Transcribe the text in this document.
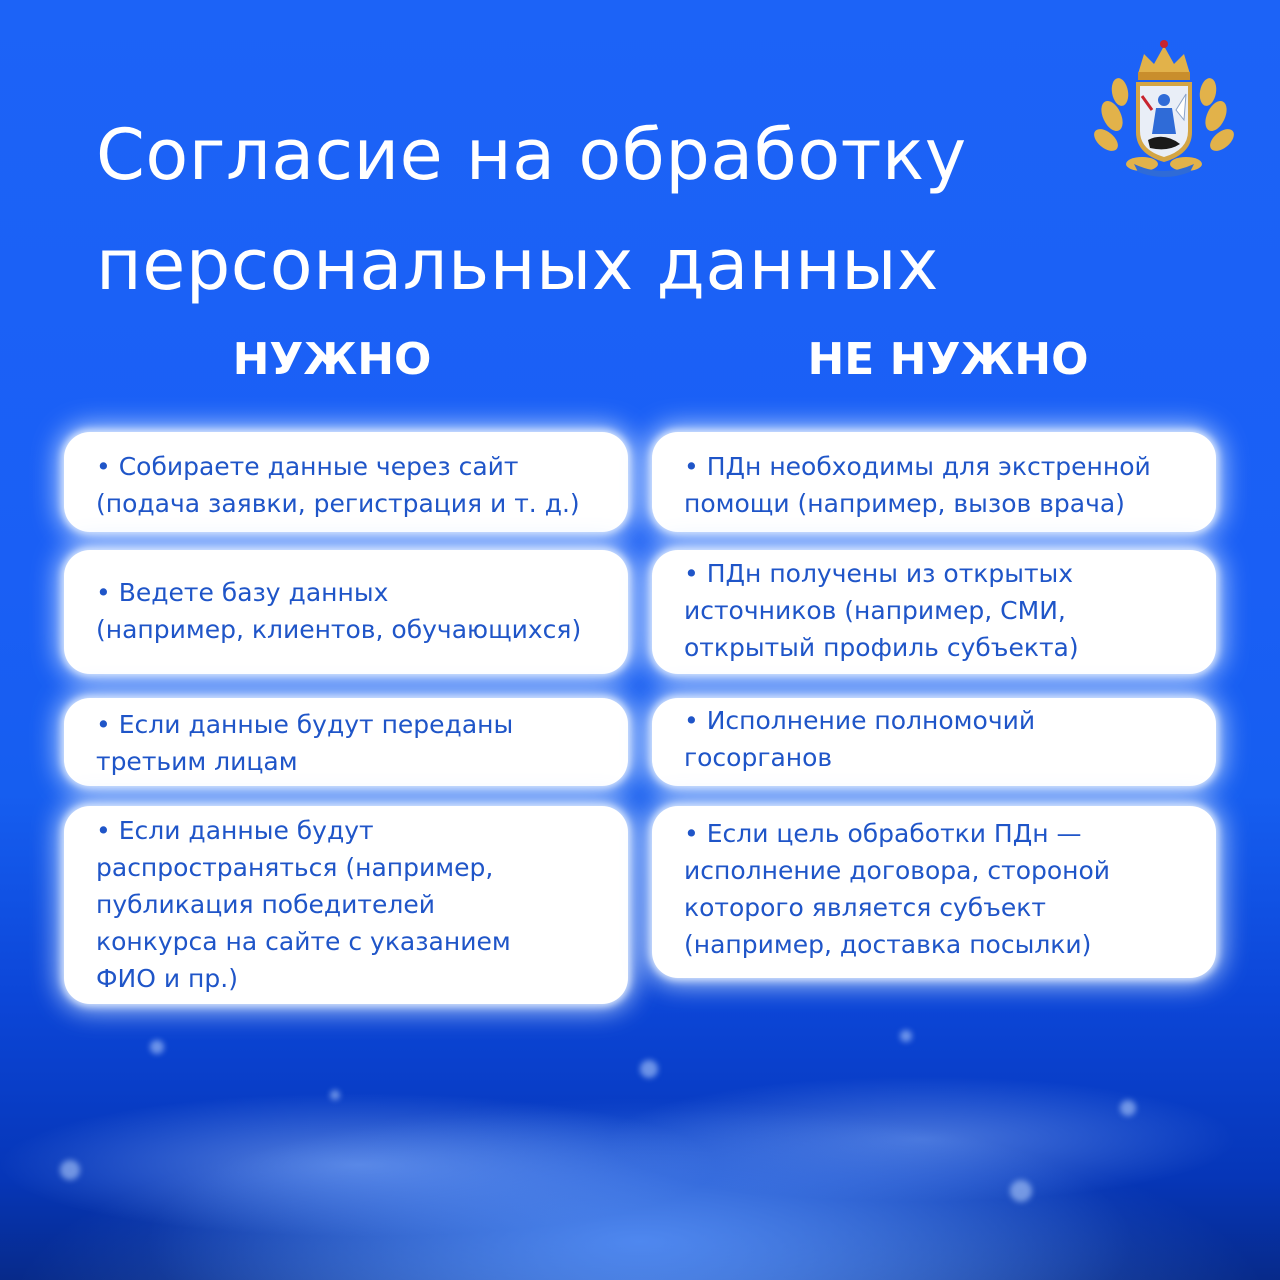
Согласие на обработку
персональных данных
НУЖНО	НЕ НУЖНО
• Собираете данные через сайт
(подача заявки, регистрация и т. д.)
• Ведете базу данных
(например, клиентов, обучающихся)
• Если данные будут переданы
третьим лицам
• Если данные будут
распространяться (например,
публикация победителей
конкурса на сайте с указанием
ФИО и пр.)
• ПДн необходимы для экстренной
помощи (например, вызов врача)
• ПДн получены из открытых
источников (например, СМИ,
открытый профиль субъекта)
• Исполнение полномочий
госорганов
• Если цель обработки ПДн —
исполнение договора, стороной
которого является субъект
(например, доставка посылки)
